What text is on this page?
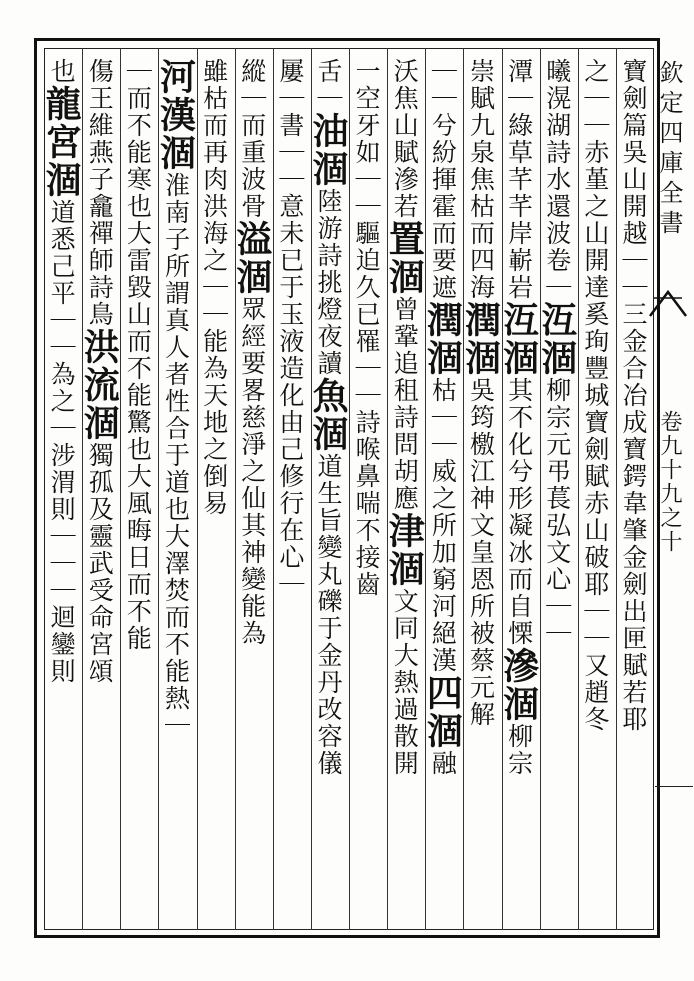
寶劍篇吳山開越｜｜三金合冶成寶鍔韋肇金劍出匣賦若耶
之｜｜赤堇之山開達奚珣豐城寶劍賦赤山破耶｜｜又趙冬
曦滉湖詩水還波卷｜沍涸柳宗元弔萇弘文心｜｜
潭｜綠草芊芊岸嶄岩沍涸其不化兮形凝冰而自慄滲涸柳宗
崇賦九泉焦枯而四海潤涸吳筠檄江神文皇恩所被蔡元解
｜｜兮紛揮霍而要遮潤涸枯｜｜威之所加窮河絕漢四涸融
沃焦山賦滲若置涸曾鞏追租詩問胡應津涸文同大熱過散開
一空牙如｜｜驅迫久已罹｜｜詩喉鼻喘不接齒
舌｜油涸陸游詩挑燈夜讀魚涸道生旨變丸礫于金丹改容儀
屢｜書｜｜意未已于玉液造化由己修行在心｜
縱｜而重波骨溢涸眾經要畧慈淨之仙其神變能為
雖枯而再肉洪海之｜｜能為天地之倒易
河漢涸淮南子所謂真人者性合于道也大澤焚而不能熱｜
｜而不能寒也大雷毀山而不能驚也大風晦日而不能
傷王維燕子龕禪師詩鳥洪流涸獨孤及靈武受命宮頌
也龍宮涸道悉己平｜｜為之｜涉渭則｜｜｜迴鑾則
欽定四庫全書
卷九十九之十
